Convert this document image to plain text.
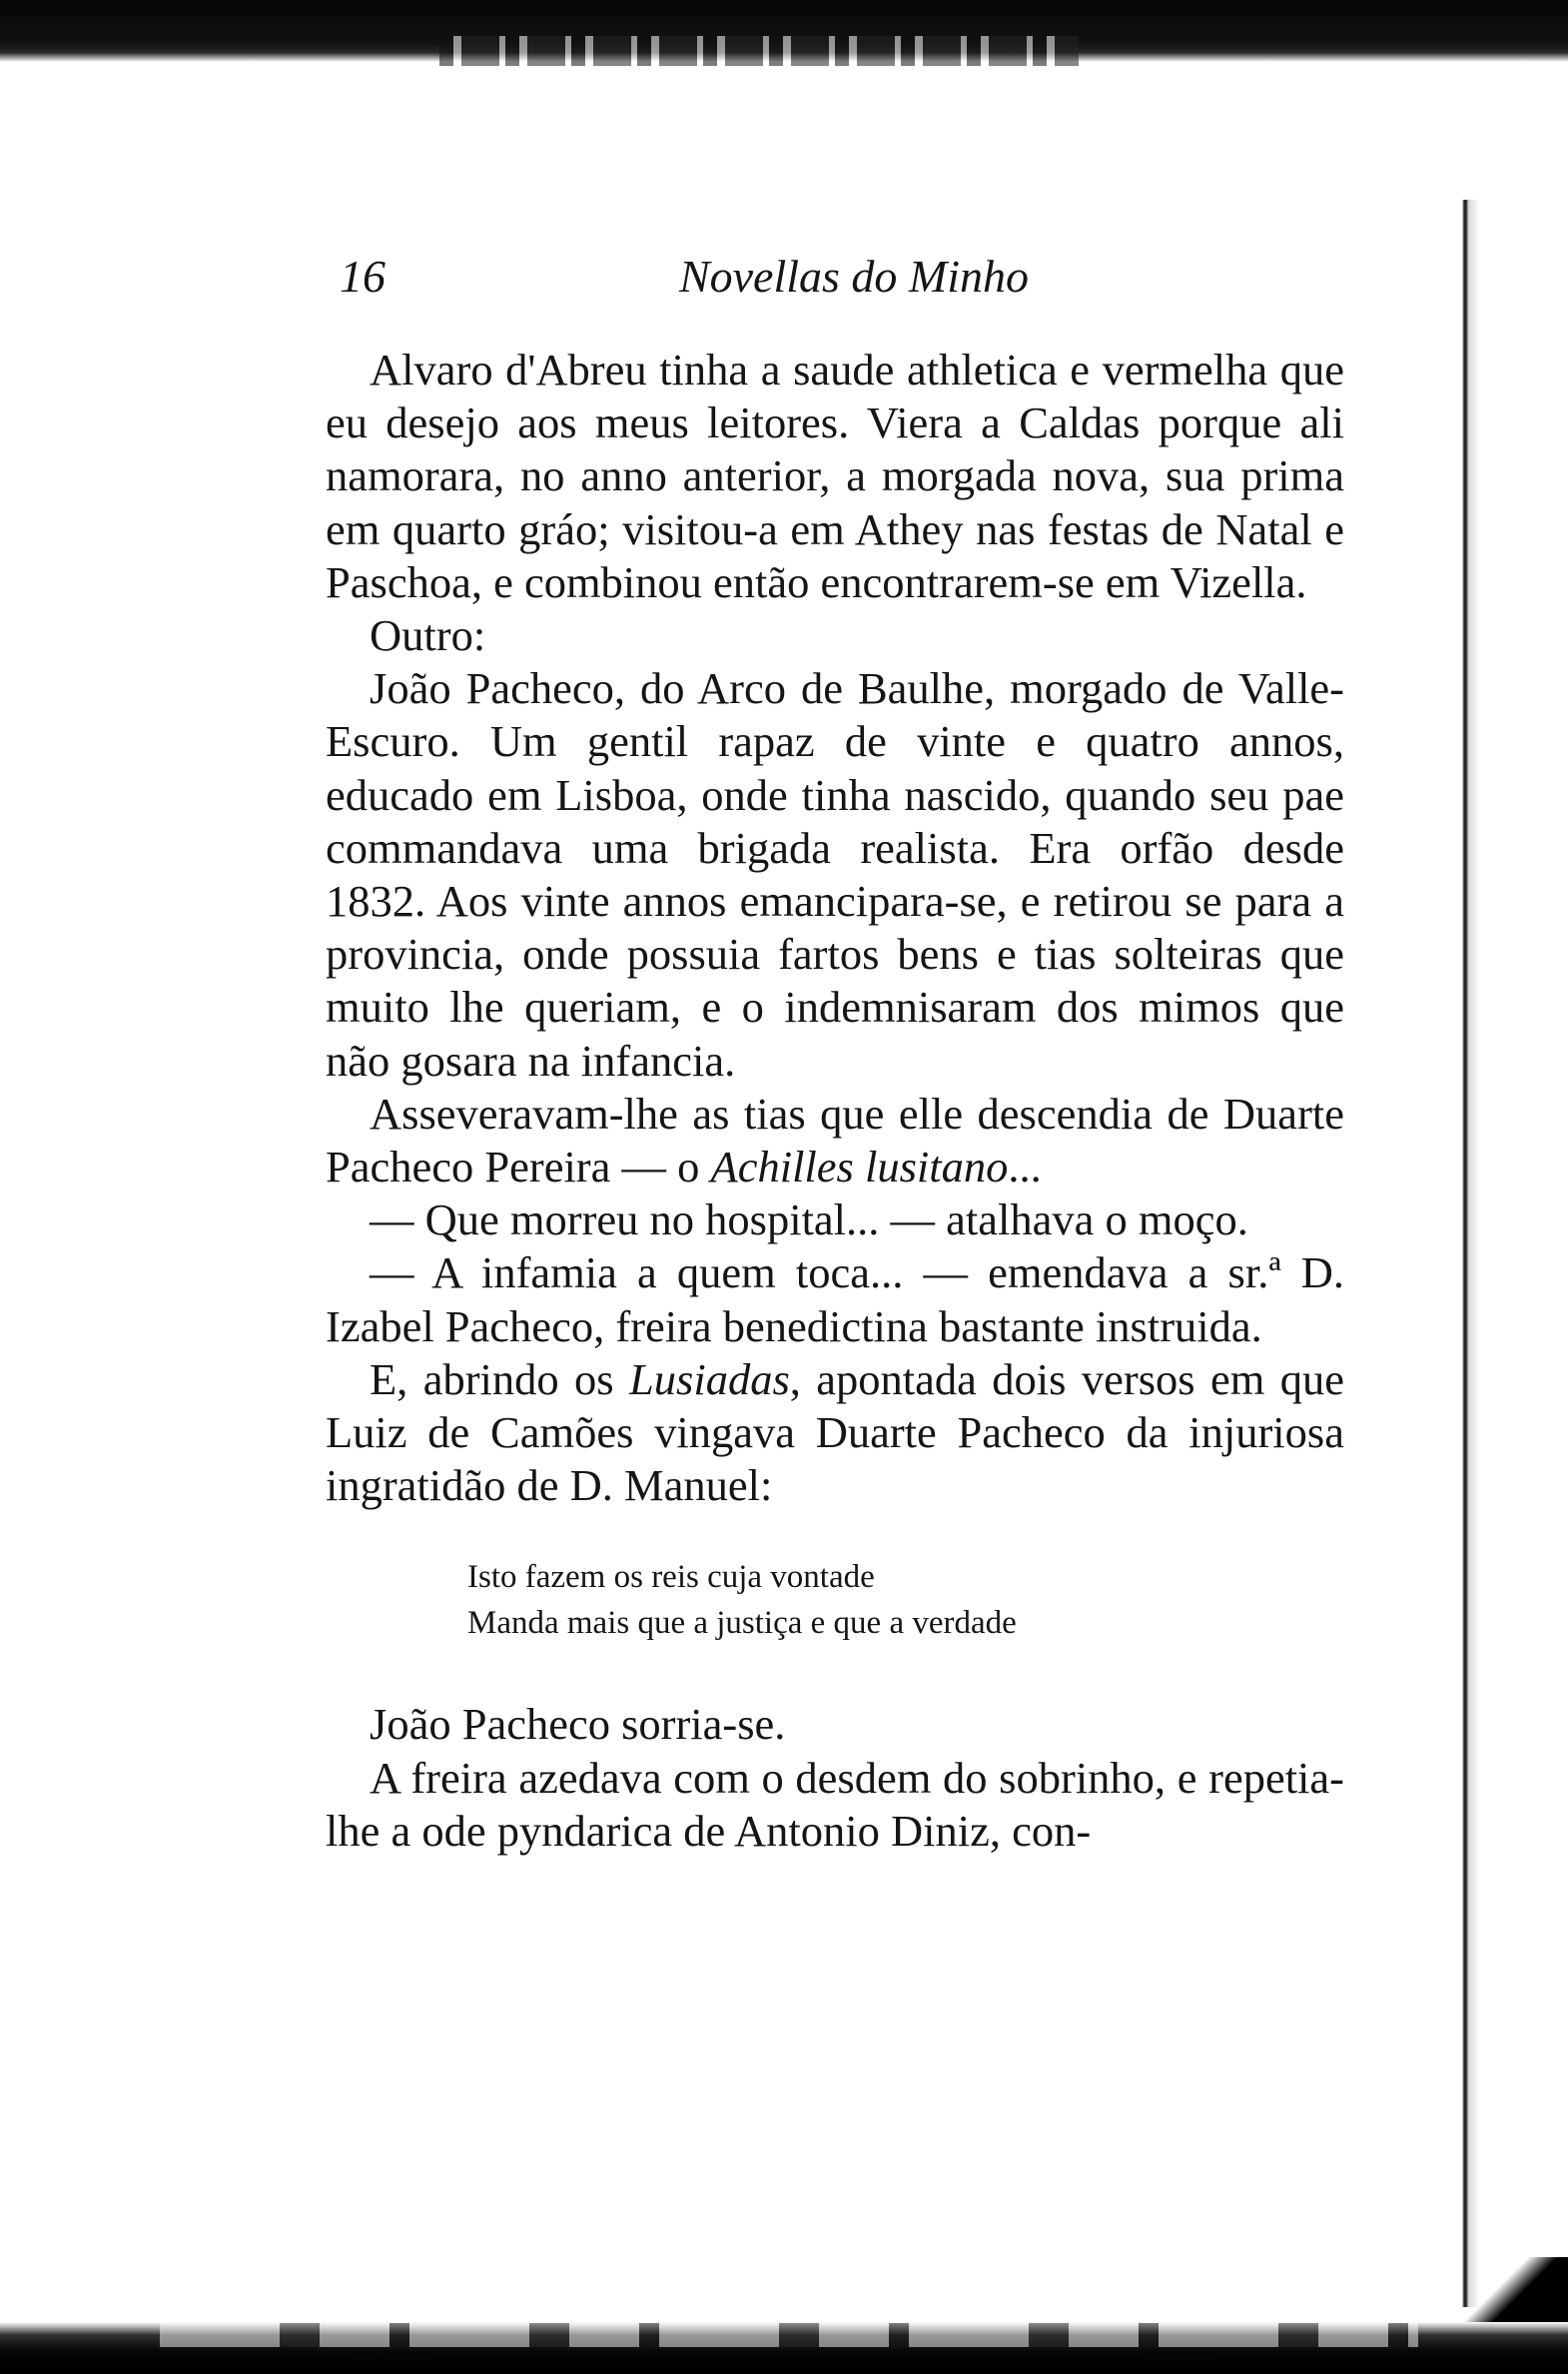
16	Novellas do Minho

Alvaro d'Abreu tinha a saude athletica e vermelha que eu desejo aos meus leitores. Viera a Caldas porque ali namorara, no anno anterior, a morgada nova, sua prima em quarto gráo; visitou-a em Athey nas festas de Natal e Paschoa, e combinou então encontrarem-se em Vizella.

Outro:

João Pacheco, do Arco de Baulhe, morgado de Valle-Escuro. Um gentil rapaz de vinte e quatro annos, educado em Lisboa, onde tinha nascido, quando seu pae commandava uma brigada realista. Era orfão desde 1832. Aos vinte annos emancipara-se, e retirou se para a provincia, onde possuia fartos bens e tias solteiras que muito lhe queriam, e o indemnisaram dos mimos que não gosara na infancia.

Asseveravam-lhe as tias que elle descendia de Duarte Pacheco Pereira — o Achilles lusitano...

— Que morreu no hospital... — atalhava o moço.

— A infamia a quem toca... — emendava a sr.ª D. Izabel Pacheco, freira benedictina bastante instruida.

E, abrindo os Lusiadas, apontada dois versos em que Luiz de Camões vingava Duarte Pacheco da injuriosa ingratidão de D. Manuel:

Isto fazem os reis cuja vontade
Manda mais que a justiça e que a verdade

João Pacheco sorria-se.

A freira azedava com o desdem do sobrinho, e repetia-lhe a ode pyndarica de Antonio Diniz, con-
